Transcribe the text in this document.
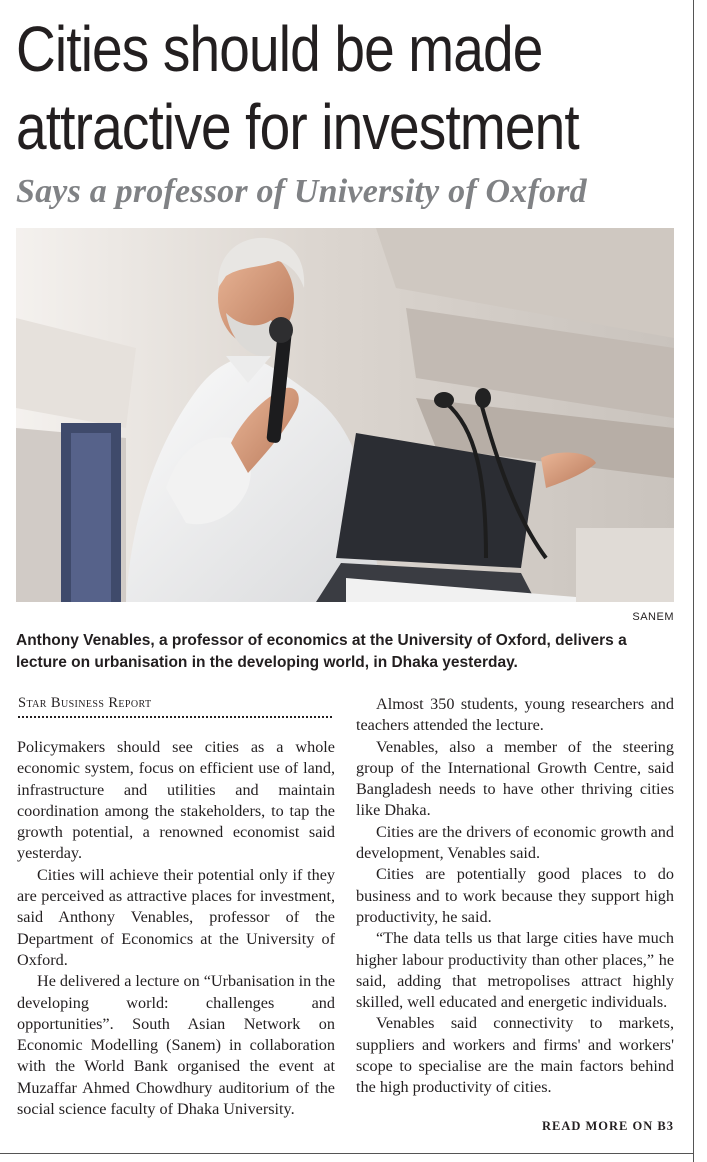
Cities should be made
attractive for investment
Says a professor of University of Oxford

SANEM

Anthony Venables, a professor of economics at the University of Oxford, delivers a lecture on urbanisation in the developing world, in Dhaka yesterday.

Star Business Report

Policymakers should see cities as a whole economic system, focus on efficient use of land, infrastructure and utilities and maintain coordination among the stakeholders, to tap the growth potential, a renowned economist said yesterday.

Cities will achieve their potential only if they are perceived as attractive places for investment, said Anthony Venables, professor of the Department of Economics at the University of Oxford.

He delivered a lecture on “Urbanisation in the developing world: challenges and opportunities”. South Asian Network on Economic Modelling (Sanem) in collaboration with the World Bank organised the event at Muzaffar Ahmed Chowdhury auditorium of the social science faculty of Dhaka University.

Almost 350 students, young researchers and teachers attended the lecture.

Venables, also a member of the steering group of the International Growth Centre, said Bangladesh needs to have other thriving cities like Dhaka.

Cities are the drivers of economic growth and development, Venables said.

Cities are potentially good places to do business and to work because they support high productivity, he said.

“The data tells us that large cities have much higher labour productivity than other places,” he said, adding that metropolises attract highly skilled, well educated and energetic individuals.

Venables said connectivity to markets, suppliers and workers and firms' and workers' scope to specialise are the main factors behind the high productivity of cities.

READ MORE ON B3
